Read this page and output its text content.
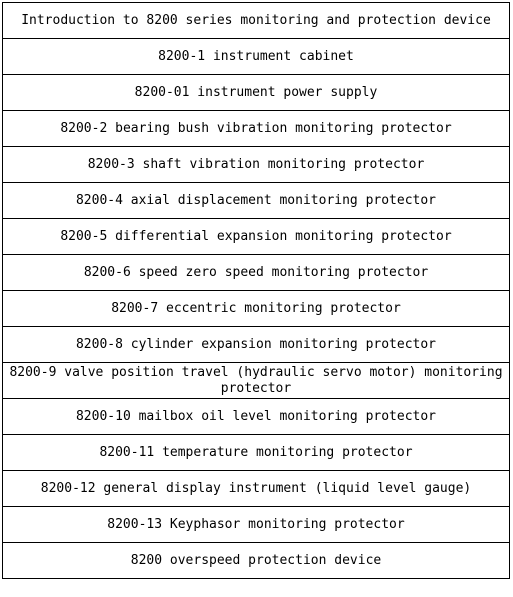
Introduction to 8200 series monitoring and protection device
8200-1 instrument cabinet
8200-01 instrument power supply
8200-2 bearing bush vibration monitoring protector
8200-3 shaft vibration monitoring protector
8200-4 axial displacement monitoring protector
8200-5 differential expansion monitoring protector
8200-6 speed zero speed monitoring protector
8200-7 eccentric monitoring protector
8200-8 cylinder expansion monitoring protector
8200-9 valve position travel (hydraulic servo motor) monitoring protector
8200-10 mailbox oil level monitoring protector
8200-11 temperature monitoring protector
8200-12 general display instrument (liquid level gauge)
8200-13 Keyphasor monitoring protector
8200 overspeed protection device
